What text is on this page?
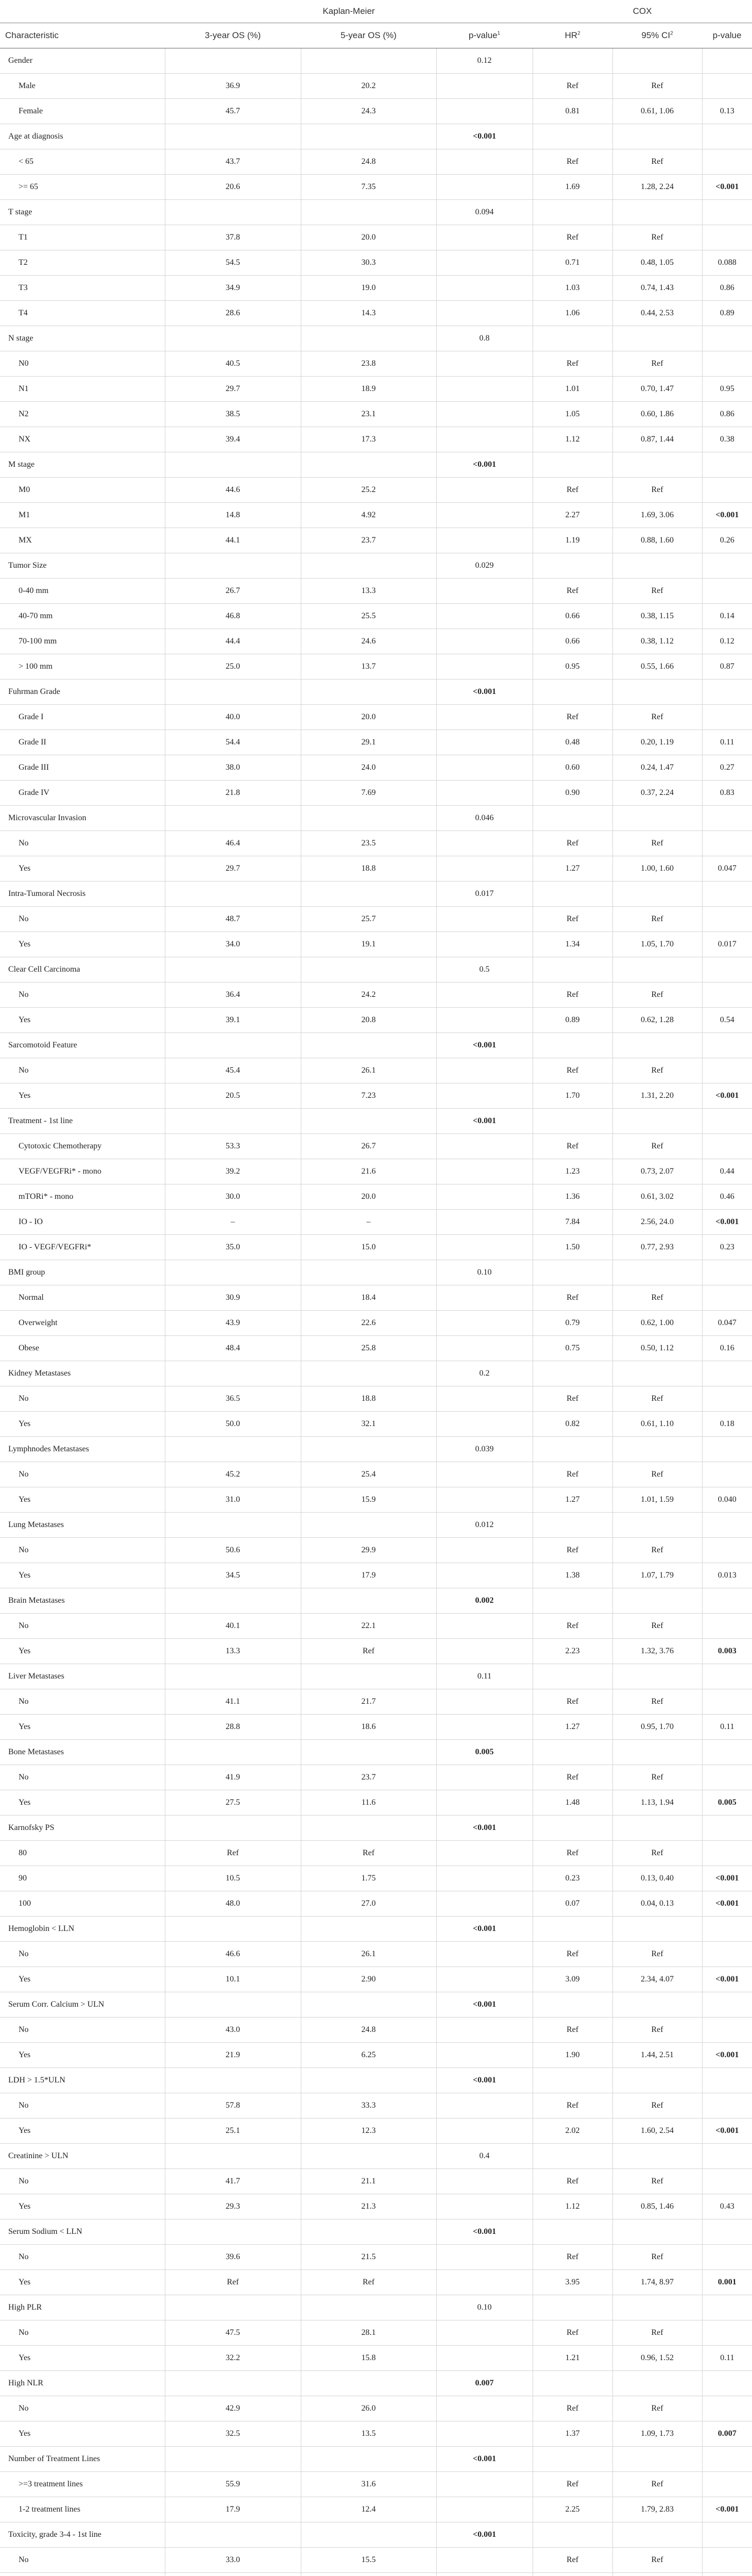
	Kaplan-Meier			COX		
Characteristic	3-year OS (%)	5-year OS (%)	p-value$^1$	$HR^2$	95% $CI^2$	p-value
Gender			0.12			
Male	36.9	20.2		Ref	Ref	
Female	45.7	24.3		0.81	0.61, 1.06	0.13
Age at diagnosis			<0.001			
< 65	43.7	24.8		Ref	Ref	
>= 65	20.6	7.35		1.69	1.28, 2.24	<0.001
T stage			0.094			
T1	37.8	20.0		Ref	Ref	
T2	54.5	30.3		0.71	0.48, 1.05	0.088
T3	34.9	19.0		1.03	0.74, 1.43	0.86
T4	28.6	14.3		1.06	0.44, 2.53	0.89
N stage			0.8			
N0	40.5	23.8		Ref	Ref	
N1	29.7	18.9		1.01	0.70, 1.47	0.95
N2	38.5	23.1		1.05	0.60, 1.86	0.86
NX	39.4	17.3		1.12	0.87, 1.44	0.38
M stage			<0.001			
M0	44.6	25.2		Ref	Ref	
M1	14.8	4.92		2.27	1.69, 3.06	<0.001
MX	44.1	23.7		1.19	0.88, 1.60	0.26
Tumor Size			0.029			
0-40 mm	26.7	13.3		Ref	Ref	
40-70 mm	46.8	25.5		0.66	0.38, 1.15	0.14
70-100 mm	44.4	24.6		0.66	0.38, 1.12	0.12
> 100 mm	25.0	13.7		0.95	0.55, 1.66	0.87
Fuhrman Grade			<0.001			
Grade I	40.0	20.0		Ref	Ref	
Grade II	54.4	29.1		0.48	0.20, 1.19	0.11
Grade III	38.0	24.0		0.60	0.24, 1.47	0.27
Grade IV	21.8	7.69		0.90	0.37, 2.24	0.83
Microvascular Invasion			0.046			
No	46.4	23.5		Ref	Ref	
Yes	29.7	18.8		1.27	1.00, 1.60	0.047
Intra-Tumoral Necrosis			0.017			
No	48.7	25.7		Ref	Ref	
Yes	34.0	19.1		1.34	1.05, 1.70	0.017
Clear Cell Carcinoma			0.5			
No	36.4	24.2		Ref	Ref	
Yes	39.1	20.8		0.89	0.62, 1.28	0.54
Sarcomotoid Feature			<0.001			
No	45.4	26.1		Ref	Ref	
Yes	20.5	7.23		1.70	1.31, 2.20	<0.001
Treatment - 1st line			<0.001			
Cytotoxic Chemotherapy	53.3	26.7		Ref	Ref	
VEGF/VEGFRi* - mono	39.2	21.6		1.23	0.73, 2.07	0.44
mTORi* - mono	30.0	20.0		1.36	0.61, 3.02	0.46
IO - IO	–	–		7.84	2.56, 24.0	<0.001
IO - VEGF/VEGFRi*	35.0	15.0		1.50	0.77, 2.93	0.23
BMI group			0.10			
Normal	30.9	18.4		Ref	Ref	
Overweight	43.9	22.6		0.79	0.62, 1.00	0.047
Obese	48.4	25.8		0.75	0.50, 1.12	0.16
Kidney Metastases			0.2			
No	36.5	18.8		Ref	Ref	
Yes	50.0	32.1		0.82	0.61, 1.10	0.18
Lymphnodes Metastases			0.039			
No	45.2	25.4		Ref	Ref	
Yes	31.0	15.9		1.27	1.01, 1.59	0.040
Lung Metastases			0.012			
No	50.6	29.9		Ref	Ref	
Yes	34.5	17.9		1.38	1.07, 1.79	0.013
Brain Metastases			0.002			
No	40.1	22.1		Ref	Ref	
Yes	13.3	Ref		2.23	1.32, 3.76	0.003
Liver Metastases			0.11			
No	41.1	21.7		Ref	Ref	
Yes	28.8	18.6		1.27	0.95, 1.70	0.11
Bone Metastases			0.005			
No	41.9	23.7		Ref	Ref	
Yes	27.5	11.6		1.48	1.13, 1.94	0.005
Karnofsky PS			<0.001			
80	Ref	Ref		Ref	Ref	
90	10.5	1.75		0.23	0.13, 0.40	<0.001
100	48.0	27.0		0.07	0.04, 0.13	<0.001
Hemoglobin < LLN			<0.001			
No	46.6	26.1		Ref	Ref	
Yes	10.1	2.90		3.09	2.34, 4.07	<0.001
Serum Corr. Calcium > ULN			<0.001			
No	43.0	24.8		Ref	Ref	
Yes	21.9	6.25		1.90	1.44, 2.51	<0.001
LDH > 1.5*ULN			<0.001			
No	57.8	33.3		Ref	Ref	
Yes	25.1	12.3		2.02	1.60, 2.54	<0.001
Creatinine > ULN			0.4			
No	41.7	21.1		Ref	Ref	
Yes	29.3	21.3		1.12	0.85, 1.46	0.43
Serum Sodium < LLN			<0.001			
No	39.6	21.5		Ref	Ref	
Yes	Ref	Ref		3.95	1.74, 8.97	0.001
High PLR			0.10			
No	47.5	28.1		Ref	Ref	
Yes	32.2	15.8		1.21	0.96, 1.52	0.11
High NLR			0.007			
No	42.9	26.0		Ref	Ref	
Yes	32.5	13.5		1.37	1.09, 1.73	0.007
Number of Treatment Lines			<0.001			
>=3 treatment lines	55.9	31.6		Ref	Ref	
1-2 treatment lines	17.9	12.4		2.25	1.79, 2.83	<0.001
Toxicity, grade 3-4 - 1st line			<0.001			
No	33.0	15.5		Ref	Ref	
